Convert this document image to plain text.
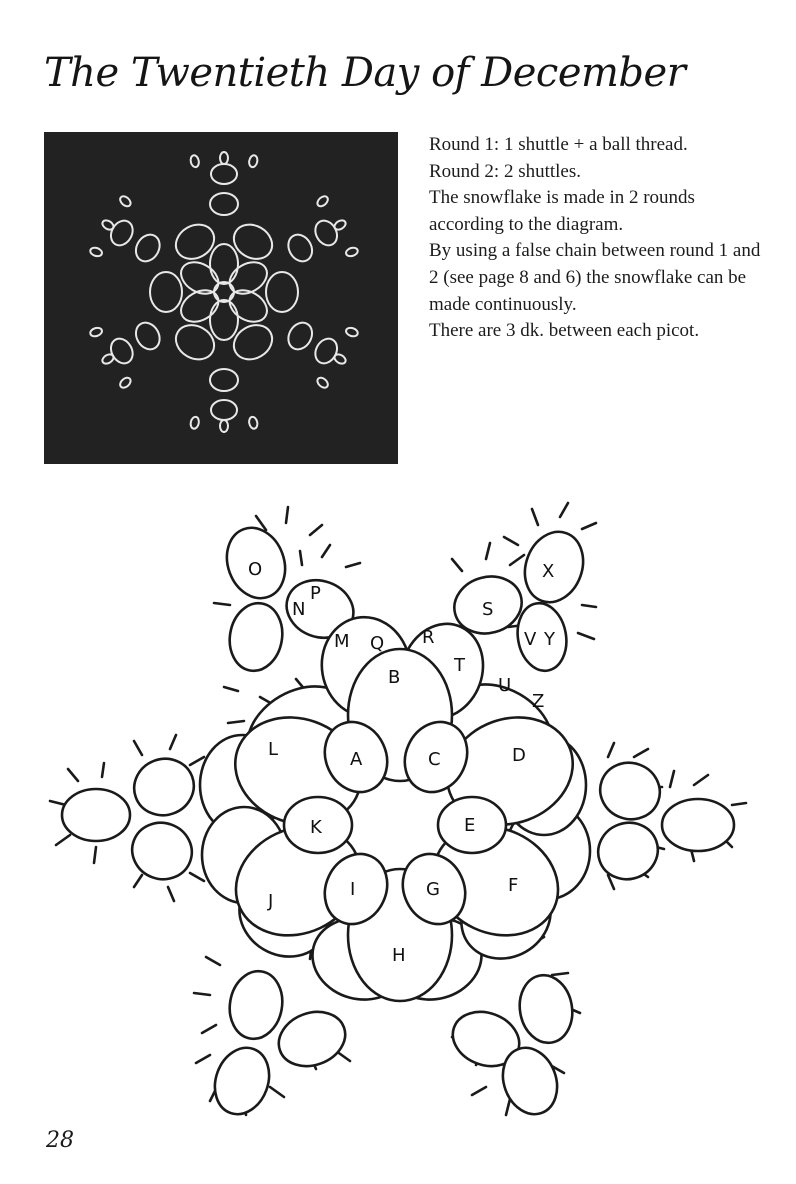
The Twentieth Day of December

Round 1: 1 shuttle + a ball thread.

Round 2: 2 shuttles.

The snowflake is made in 2 rounds according to the diagram.

By using a false chain between round 1 and 2 (see page 8 and 6) the snowflake can be made continuously.

There are 3 dk. between each picot.

A
B
C	D
E
F
G
H
I
J
K
L
M
N
O
P
Q R
S
T
U
V
X
Y
Z
28
